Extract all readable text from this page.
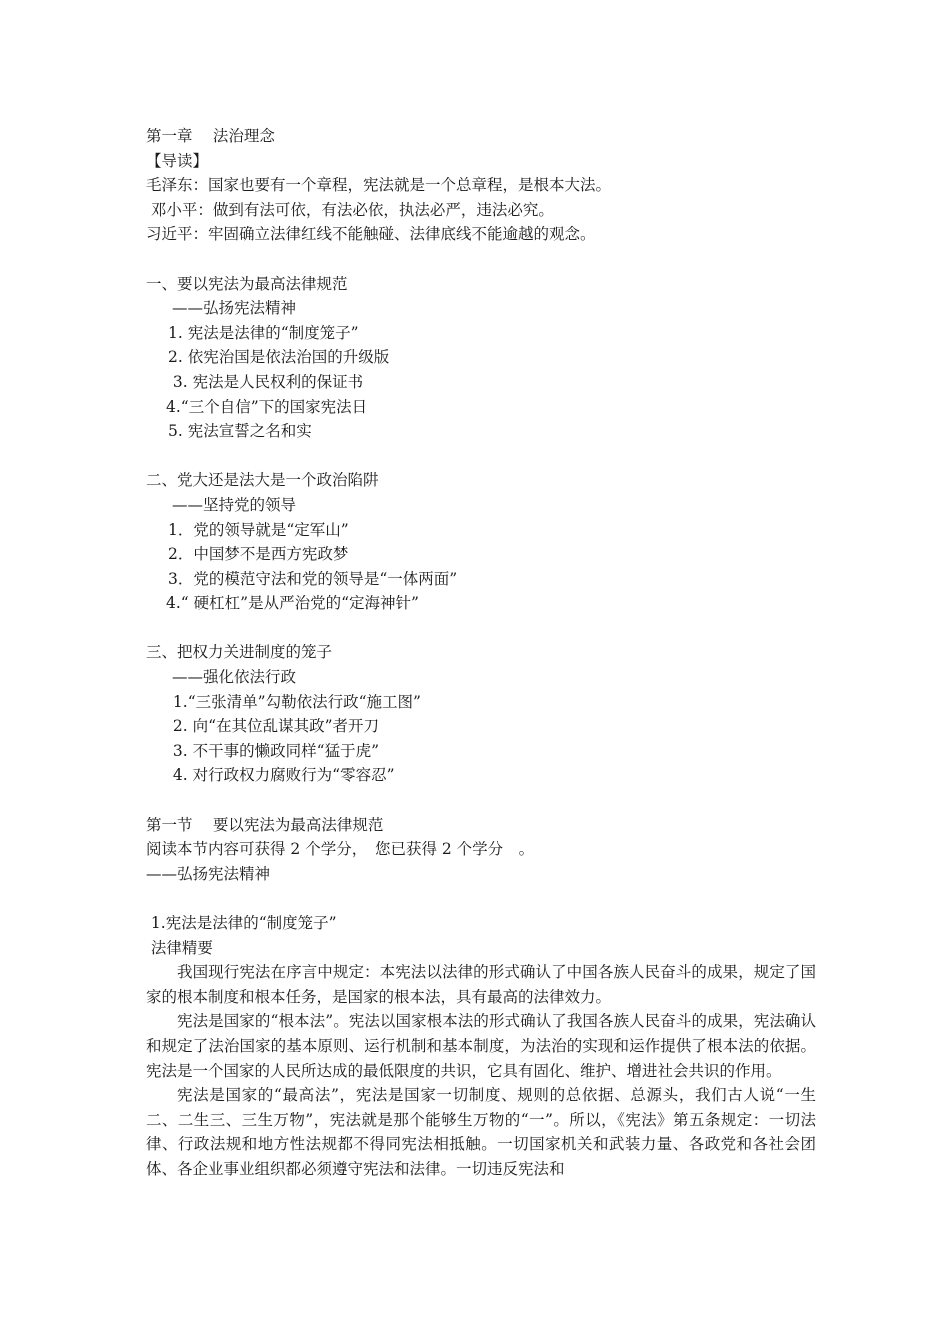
第一章　 法治理念
【导读】
毛泽东：国家也要有一个章程，宪法就是一个总章程，是根本大法。
邓小平：做到有法可依，有法必依，执法必严，违法必究。
习近平：牢固确立法律红线不能触碰、法律底线不能逾越的观念。
一、要以宪法为最高法律规范
——弘扬宪法精神
1. 宪法是法律的“制度笼子”
2. 依宪治国是依法治国的升级版
3. 宪法是人民权利的保证书
4.“三个自信”下的国家宪法日
5. 宪法宣誓之名和实
二、党大还是法大是一个政治陷阱
——坚持党的领导
1．党的领导就是“定军山”
2．中国梦不是西方宪政梦
3．党的模范守法和党的领导是“一体两面”
4.“ 硬杠杠”是从严治党的“定海神针”
三、把权力关进制度的笼子
——强化依法行政
1.“三张清单”勾勒依法行政“施工图”
2. 向“在其位乱谋其政”者开刀
3. 不干事的懒政同样“猛于虎”
4. 对行政权力腐败行为“零容忍”
第一节　 要以宪法为最高法律规范
阅读本节内容可获得 2 个学分，　您已获得 2 个学分　。
——弘扬宪法精神
1.宪法是法律的“制度笼子”
法律精要

我国现行宪法在序言中规定：本宪法以法律的形式确认了中国各族人民奋斗的成果，规定了国家的根本制度和根本任务，是国家的根本法，具有最高的法律效力。

宪法是国家的“根本法”。宪法以国家根本法的形式确认了我国各族人民奋斗的成果，宪法确认和规定了法治国家的基本原则、运行机制和基本制度，为法治的实现和运作提供了根本法的依据。宪法是一个国家的人民所达成的最低限度的共识，它具有固化、维护、增进社会共识的作用。

宪法是国家的“最高法”，宪法是国家一切制度、规则的总依据、总源头，我们古人说“一生二、二生三、三生万物”，宪法就是那个能够生万物的“一”。所以，《宪法》第五条规定：一切法律、行政法规和地方性法规都不得同宪法相抵触。一切国家机关和武装力量、各政党和各社会团体、各企业事业组织都必须遵守宪法和法律。一切违反宪法和
